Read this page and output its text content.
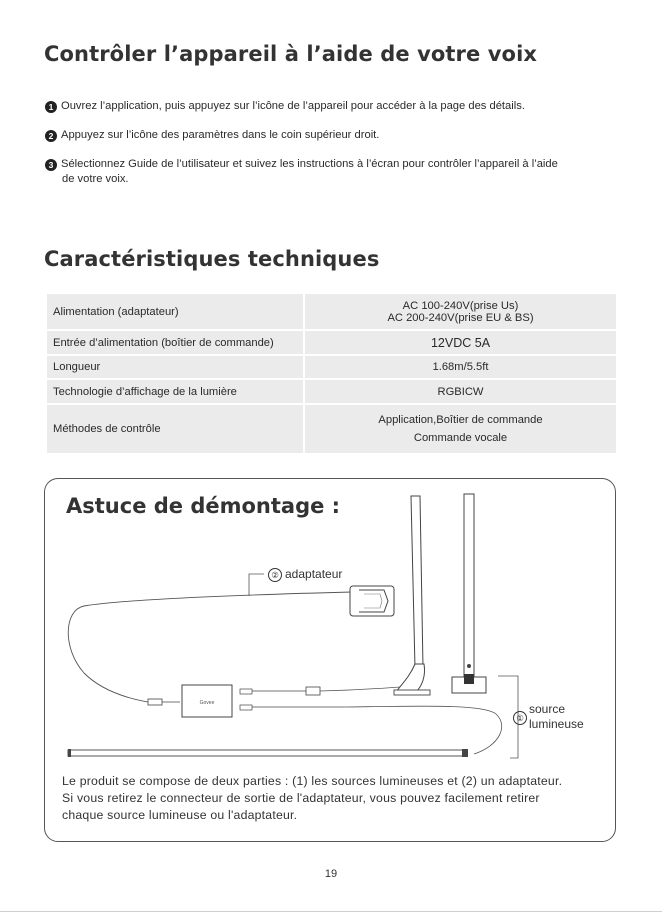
Contrôler l’appareil à l’aide de votre voix
1 Ouvrez l’application, puis appuyez sur l’icône de l’appareil pour accéder à la page des détails.
2 Appuyez sur l’icône des paramètres dans le coin supérieur droit.
3 Sélectionnez Guide de l’utilisateur et suivez les instructions à l’écran pour contrôler l’appareil à l’aide
de votre voix.
Caractéristiques techniques
Alimentation (adaptateur)	AC 100-240V(prise Us)
AC 200-240V(prise EU & BS)

Entrée d’alimentation (boîtier de commande)	12VDC 5A
Longueur	1.68m/5.5ft
Technologie d’affichage de la lumière	RGBICW
Méthodes de contrôle	Application,Boîtier de commande
Commande vocale
Astuce de démontage :
Govee
② adaptateur
①
source
lumineuse
Le produit se compose de deux parties : (1) les sources lumineuses et (2) un adaptateur.
Si vous retirez le connecteur de sortie de l'adaptateur, vous pouvez facilement retirer
chaque source lumineuse ou l'adaptateur.
19
